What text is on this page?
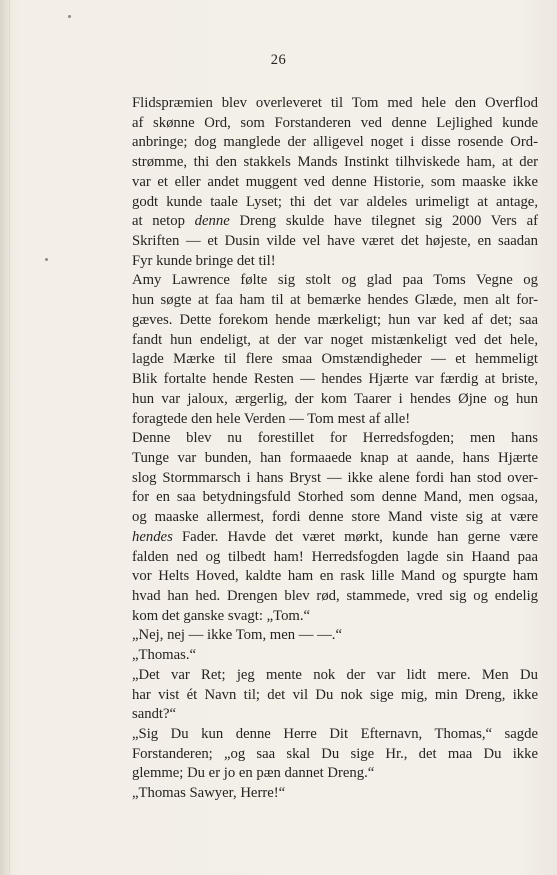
26

Flidspræmien blev overleveret til Tom med hele den Overflod
af skønne Ord, som Forstanderen ved denne Lejlighed kunde
anbringe; dog manglede der alligevel noget i disse rosende Ord-
strømme, thi den stakkels Mands Instinkt tilhviskede ham, at der
var et eller andet muggent ved denne Historie, som maaske ikke
godt kunde taale Lyset; thi det var aldeles urimeligt at antage,
at netop denne Dreng skulde have tilegnet sig 2000 Vers af
Skriften — et Dusin vilde vel have været det højeste, en saadan
Fyr kunde bringe det til!

Amy Lawrence følte sig stolt og glad paa Toms Vegne og
hun søgte at faa ham til at bemærke hendes Glæde, men alt for-
gæves. Dette forekom hende mærkeligt; hun var ked af det; saa
fandt hun endeligt, at der var noget mistænkeligt ved det hele,
lagde Mærke til flere smaa Omstændigheder — et hemmeligt
Blik fortalte hende Resten — hendes Hjærte var færdig at briste,
hun var jaloux, ærgerlig, der kom Taarer i hendes Øjne og hun
foragtede den hele Verden — Tom mest af alle!

Denne blev nu forestillet for Herredsfogden; men hans
Tunge var bunden, han formaaede knap at aande, hans Hjærte
slog Stormmarsch i hans Bryst — ikke alene fordi han stod over-
for en saa betydningsfuld Storhed som denne Mand, men ogsaa,
og maaske allermest, fordi denne store Mand viste sig at være
hendes Fader. Havde det været mørkt, kunde han gerne være
falden ned og tilbedt ham! Herredsfogden lagde sin Haand paa
vor Helts Hoved, kaldte ham en rask lille Mand og spurgte ham
hvad han hed. Drengen blev rød, stammede, vred sig og endelig
kom det ganske svagt: „Tom.“

„Nej, nej — ikke Tom, men — —.“

„Thomas.“

„Det var Ret; jeg mente nok der var lidt mere. Men Du
har vist ét Navn til; det vil Du nok sige mig, min Dreng, ikke
sandt?“

„Sig Du kun denne Herre Dit Efternavn, Thomas,“ sagde
Forstanderen; „og saa skal Du sige Hr., det maa Du ikke
glemme; Du er jo en pæn dannet Dreng.“

„Thomas Sawyer, Herre!“
